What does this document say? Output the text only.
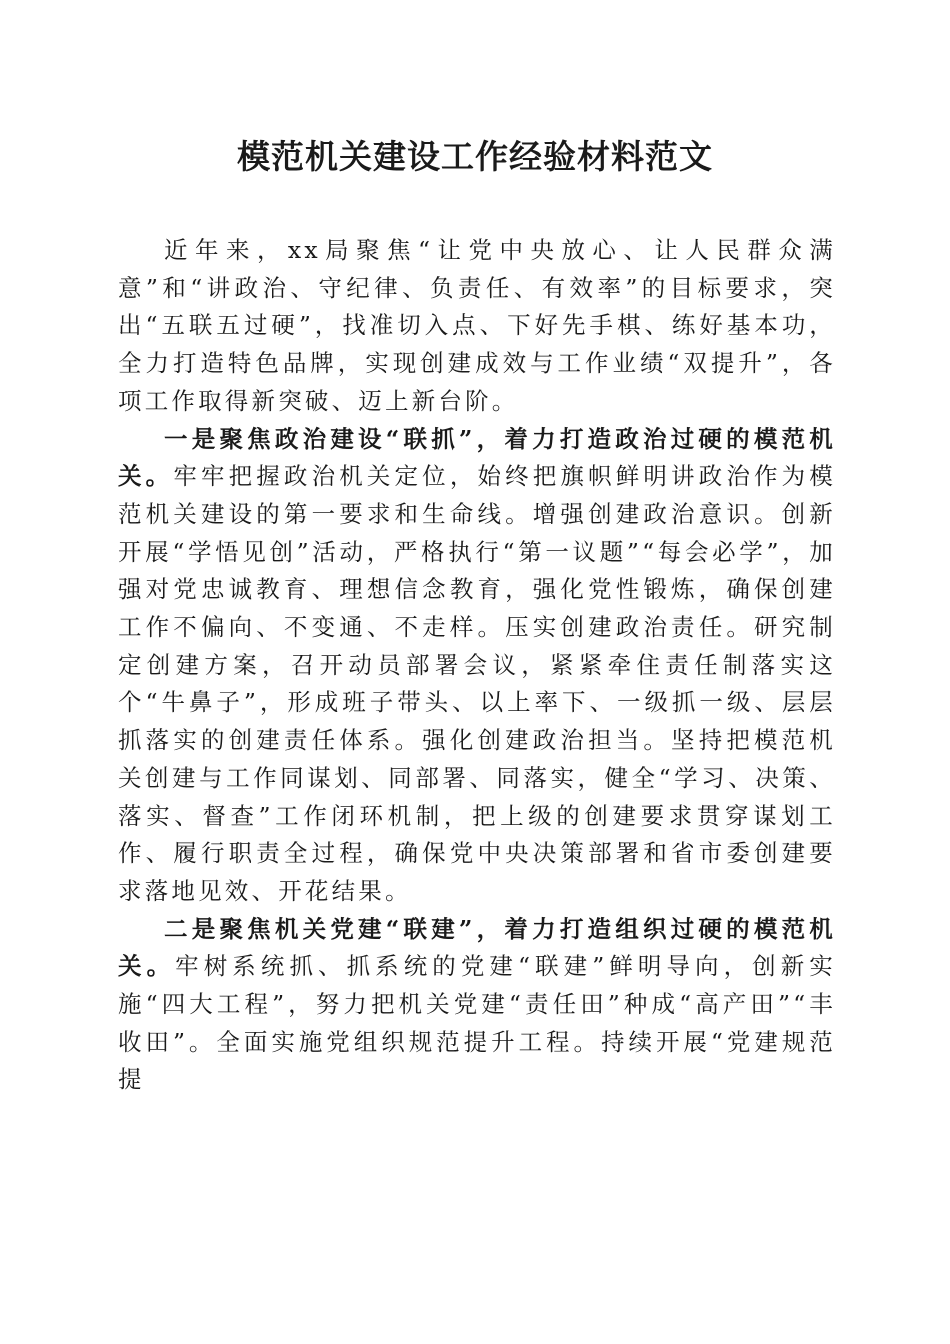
模范机关建设工作经验材料范文

近年来，xx局聚焦“让党中央放心、让人民群众满意”和“讲政治、守纪律、负责任、有效率”的目标要求，突出“五联五过硬”，找准切入点、下好先手棋、练好基本功，全力打造特色品牌，实现创建成效与工作业绩“双提升”，各项工作取得新突破、迈上新台阶。

一是聚焦政治建设“联抓”，着力打造政治过硬的模范机关。牢牢把握政治机关定位，始终把旗帜鲜明讲政治作为模范机关建设的第一要求和生命线。增强创建政治意识。创新开展“学悟见创”活动，严格执行“第一议题”“每会必学”，加强对党忠诚教育、理想信念教育，强化党性锻炼，确保创建工作不偏向、不变通、不走样。压实创建政治责任。研究制定创建方案，召开动员部署会议，紧紧牵住责任制落实这个“牛鼻子”，形成班子带头、以上率下、一级抓一级、层层抓落实的创建责任体系。强化创建政治担当。坚持把模范机关创建与工作同谋划、同部署、同落实，健全“学习、决策、落实、督查”工作闭环机制，把上级的创建要求贯穿谋划工作、履行职责全过程，确保党中央决策部署和省市委创建要求落地见效、开花结果。

二是聚焦机关党建“联建”，着力打造组织过硬的模范机关。牢树系统抓、抓系统的党建“联建”鲜明导向，创新实施“四大工程”，努力把机关党建“责任田”种成“高产田”“丰收田”。全面实施党组织规范提升工程。持续开展“党建规范提
